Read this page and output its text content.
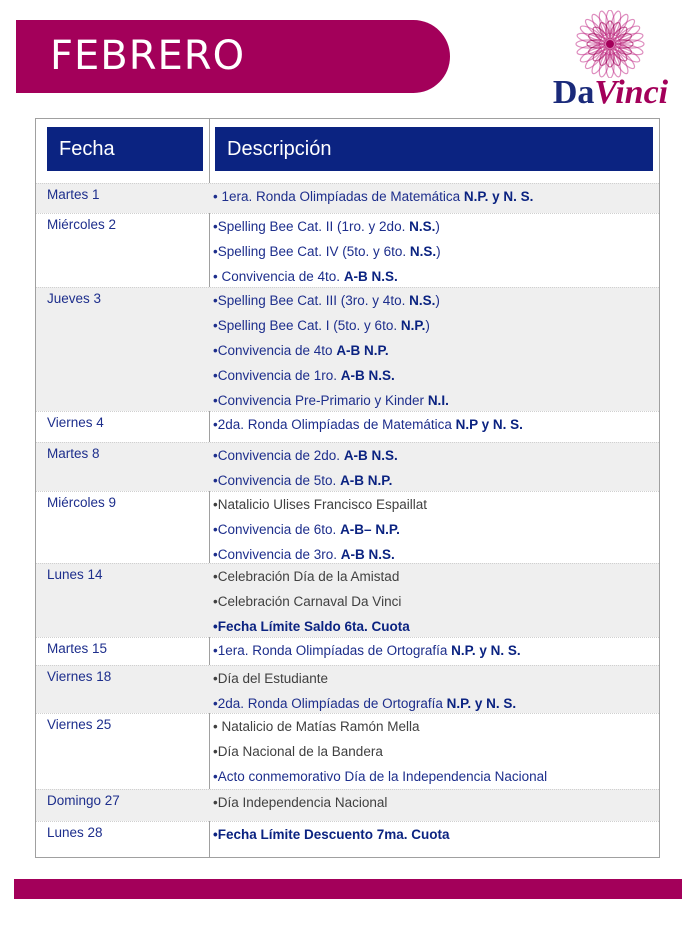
FEBRERO
DaVinci
Fecha	Descripción
Martes 1	• 1era. Ronda Olimpíadas de Matemática N.P. y N. S.
Miércoles 2	•Spelling Bee Cat. II (1ro. y 2do. N.S.)
•Spelling Bee Cat. IV (5to. y 6to. N.S.)
• Convivencia de 4to. A-B N.S.
Jueves 3	•Spelling Bee Cat. III (3ro. y 4to. N.S.)
•Spelling Bee Cat. I (5to. y 6to. N.P.)
•Convivencia de 4to A-B N.P.
•Convivencia de 1ro. A-B N.S.
•Convivencia Pre-Primario y Kinder N.I.
Viernes 4	•2da. Ronda Olimpíadas de Matemática N.P y N. S.
Martes 8	•Convivencia de 2do. A-B N.S.
•Convivencia de 5to. A-B N.P.
Miércoles 9	•Natalicio Ulises Francisco Espaillat
•Convivencia de 6to. A-B– N.P.
•Convivencia de 3ro. A-B N.S.
Lunes 14	•Celebración Día de la Amistad
•Celebración Carnaval Da Vinci
•Fecha Límite Saldo 6ta. Cuota
Martes 15	•1era. Ronda Olimpíadas de Ortografía N.P. y N. S.
Viernes 18	•Día del Estudiante
•2da. Ronda Olimpíadas de Ortografía N.P. y N. S.
Viernes 25	• Natalicio de Matías Ramón Mella
•Día Nacional de la Bandera
•Acto conmemorativo Día de la Independencia Nacional
Domingo 27	•Día Independencia Nacional
Lunes 28	•Fecha Límite Descuento 7ma. Cuota
